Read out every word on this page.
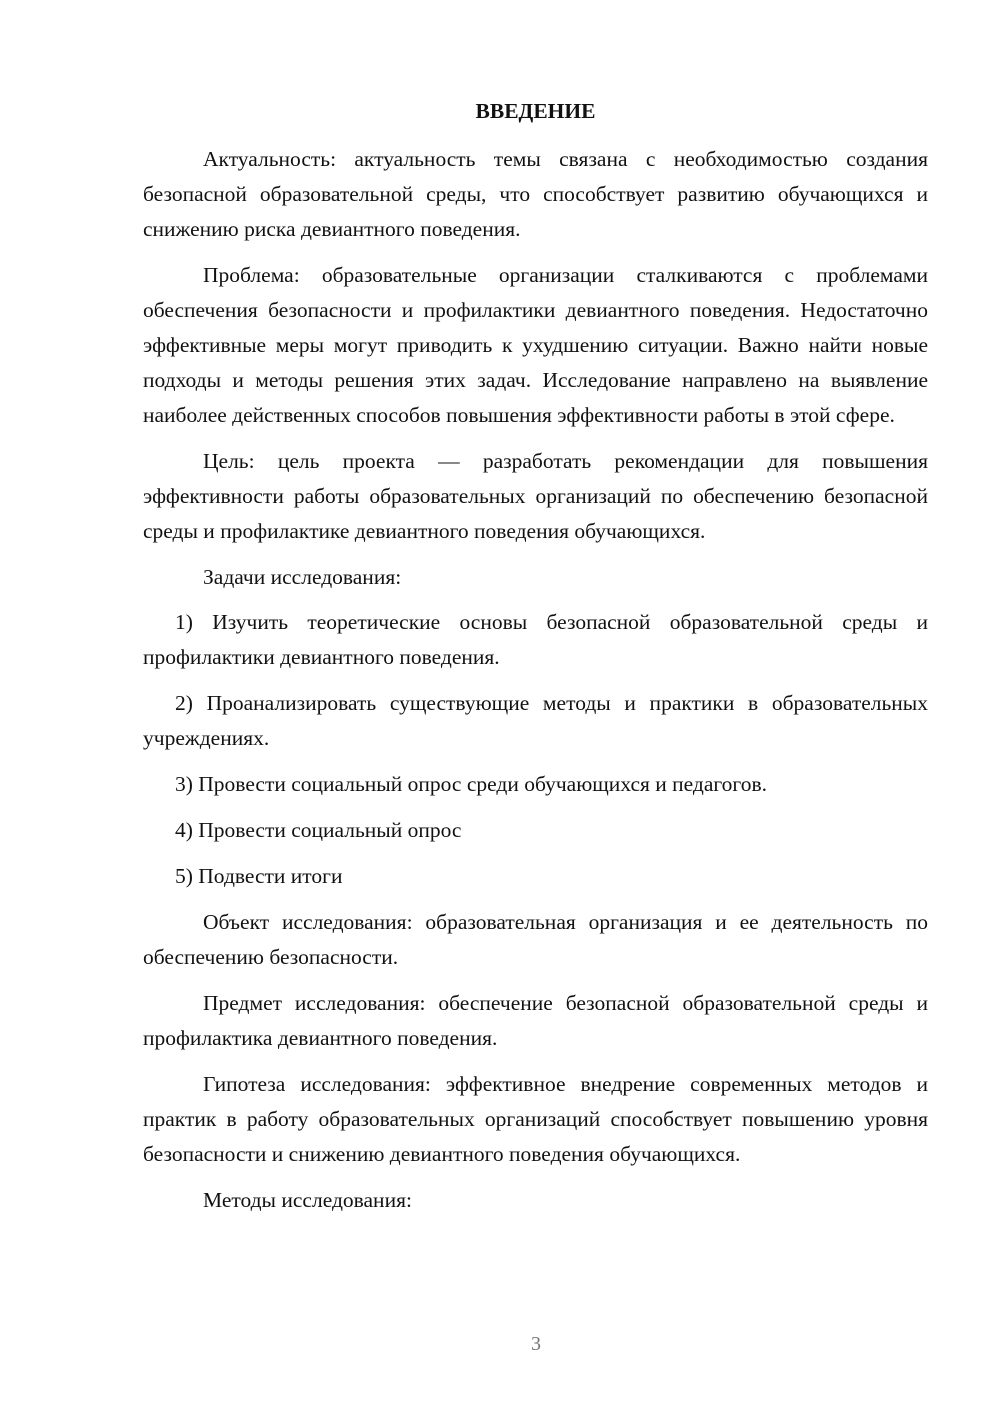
ВВЕДЕНИЕ

Актуальность: актуальность темы связана с необходимостью создания безопасной образовательной среды, что способствует развитию обучающихся и снижению риска девиантного поведения.

Проблема: образовательные организации сталкиваются с проблемами обеспечения безопасности и профилактики девиантного поведения. Недостаточно эффективные меры могут приводить к ухудшению ситуации. Важно найти новые подходы и методы решения этих задач. Исследование направлено на выявление наиболее действенных способов повышения эффективности работы в этой сфере.

Цель: цель проекта — разработать рекомендации для повышения эффективности работы образовательных организаций по обеспечению безопасной среды и профилактике девиантного поведения обучающихся.

Задачи исследования:

1) Изучить теоретические основы безопасной образовательной среды и профилактики девиантного поведения.

2) Проанализировать существующие методы и практики в образовательных учреждениях.

3) Провести социальный опрос среди обучающихся и педагогов.

4) Провести социальный опрос

5) Подвести итоги

Объект исследования: образовательная организация и ее деятельность по обеспечению безопасности.

Предмет исследования: обеспечение безопасной образовательной среды и профилактика девиантного поведения.

Гипотеза исследования: эффективное внедрение современных методов и практик в работу образовательных организаций способствует повышению уровня безопасности и снижению девиантного поведения обучающихся.

Методы исследования:

3
